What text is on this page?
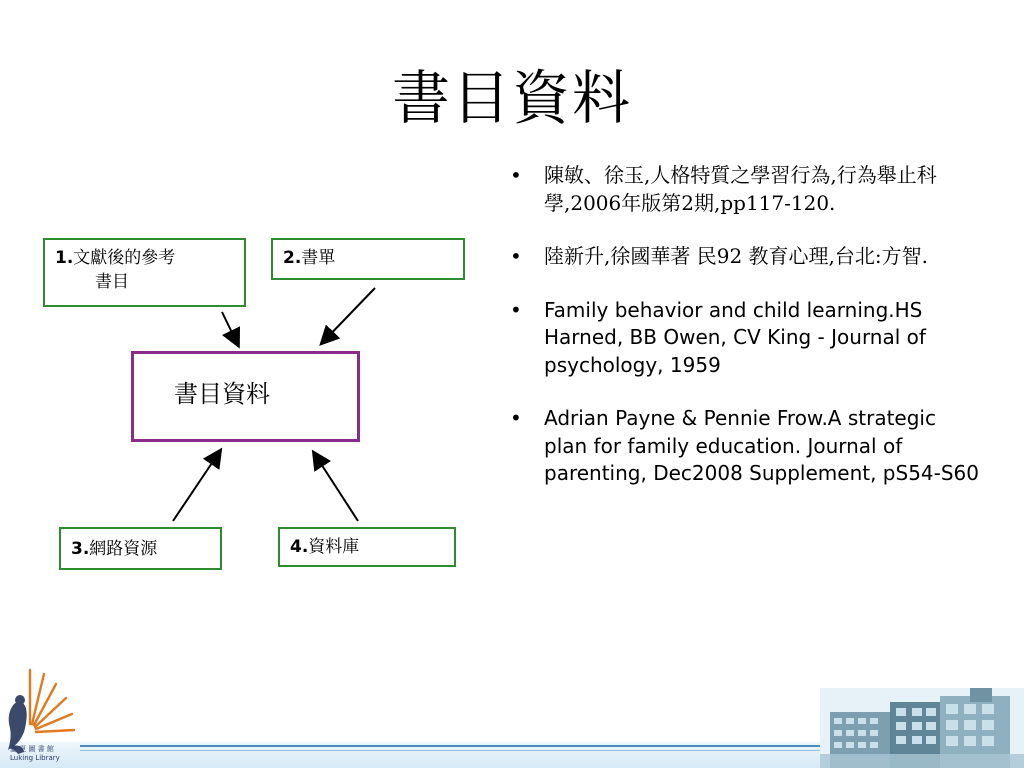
書目資料
1.文獻後的參考
書目
2.書單
書目資料
3.網路資源	4.資料庫
• 陳敏、徐玉,人格特質之學習行為,行為舉止科學,2006年版第2期,pp117-120.
• 陸新升,徐國華著 民92 教育心理,台北:方智.
• Family behavior and child learning.HS Harned, BB Owen, CV King - Journal of psychology, 1959
• Adrian Payne & Pennie Frow.A strategic plan for family education. Journal of parenting, Dec2008 Supplement, pS54-S60
蘆 夏 圖 書 館
Luking Library
